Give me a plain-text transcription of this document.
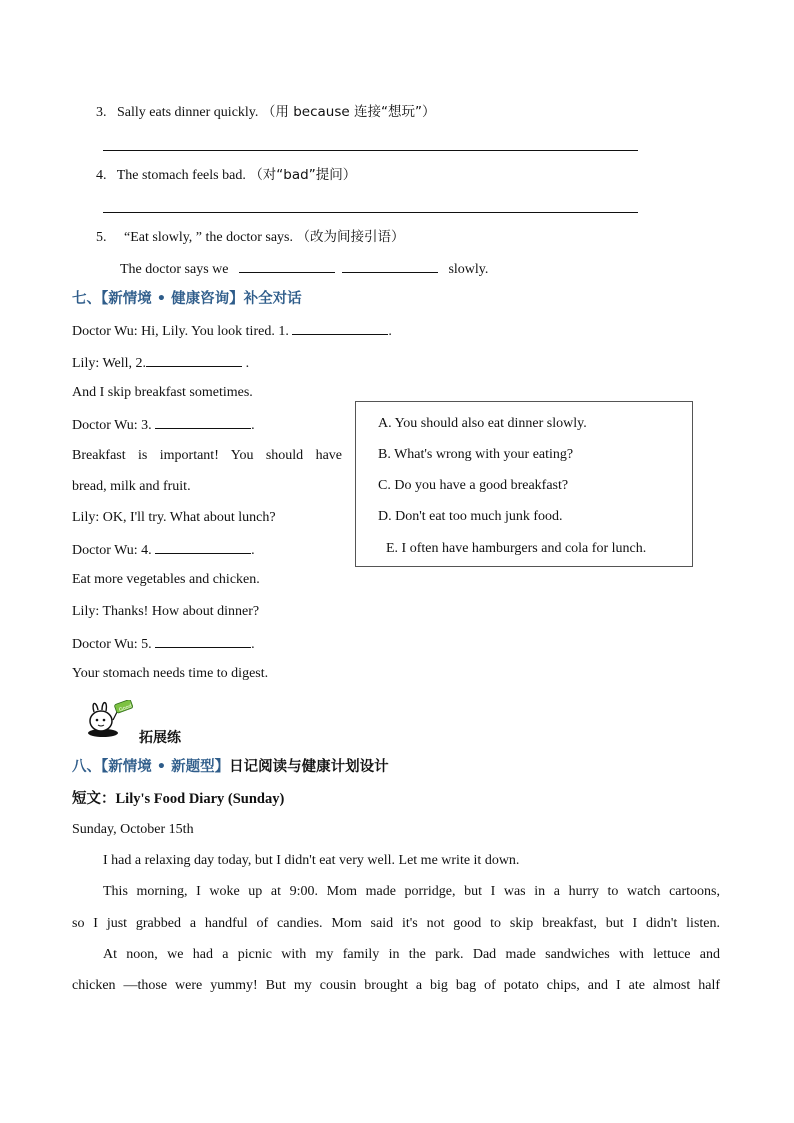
3. Sally eats dinner quickly. （用 because 连接“想玩”）
4. The stomach feels bad. （对“bad”提问）
5. “Eat slowly, ” the doctor says. （改为间接引语）
The doctor says we	slowly.
七、【新情境 • 健康咨询】补全对话
Doctor Wu: Hi, Lily. You look tired. 1.	.
Lily: Well, 2.	.
And I skip breakfast sometimes.
Doctor Wu: 3.	.
Breakfast is important! You should have
bread, milk and fruit.
Lily: OK, I'll try. What about lunch?
Doctor Wu: 4.	.
Eat more vegetables and chicken.
Lily: Thanks! How about dinner?
Doctor Wu: 5.	.
Your stomach needs time to digest.
A. You should also eat dinner slowly.
B. What's wrong with your eating?
C. Do you have a good breakfast?
D. Don't eat too much junk food.
E. I often have hamburgers and cola for lunch.
Good
拓展练
八、【新情境 • 新题型】日记阅读与健康计划设计
短文：Lily's Food Diary (Sunday)
Sunday, October 15th
I had a relaxing day today, but I didn't eat very well. Let me write it down.
This morning, I woke up at 9:00. Mom made porridge, but I was in a hurry to watch cartoons,
so I just grabbed a handful of candies. Mom said it's not good to skip breakfast, but I didn't listen.
At noon, we had a picnic with my family in the park. Dad made sandwiches with lettuce and
chicken —those were yummy! But my cousin brought a big bag of potato chips, and I ate almost half
